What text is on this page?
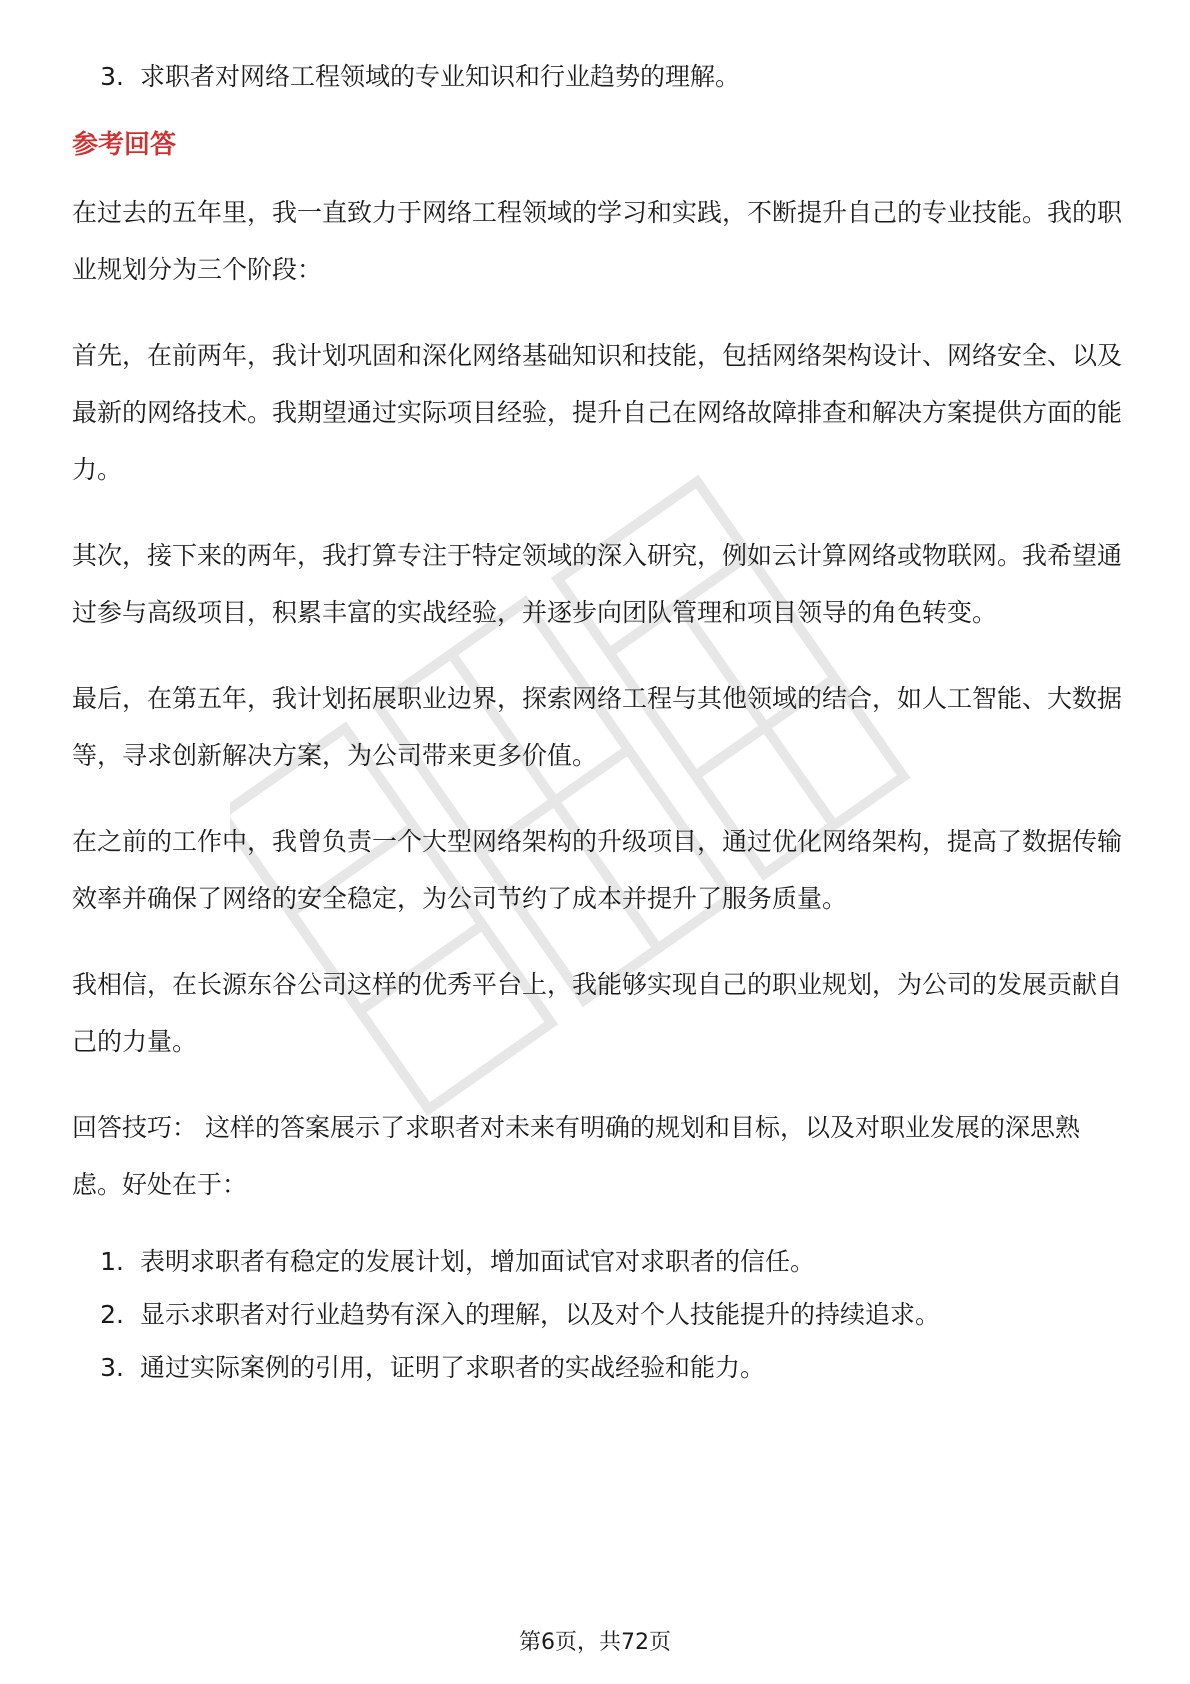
3. 求职者对网络工程领域的专业知识和行业趋势的理解。
参考回答

在过去的五年里，我一直致力于网络工程领域的学习和实践，不断提升自己的专业技能。我的职业规划分为三个阶段：

首先，在前两年，我计划巩固和深化网络基础知识和技能，包括网络架构设计、网络安全、以及最新的网络技术。我期望通过实际项目经验，提升自己在网络故障排查和解决方案提供方面的能力。

其次，接下来的两年，我打算专注于特定领域的深入研究，例如云计算网络或物联网。我希望通过参与高级项目，积累丰富的实战经验，并逐步向团队管理和项目领导的角色转变。

最后，在第五年，我计划拓展职业边界，探索网络工程与其他领域的结合，如人工智能、大数据等，寻求创新解决方案，为公司带来更多价值。

在之前的工作中，我曾负责一个大型网络架构的升级项目，通过优化网络架构，提高了数据传输效率并确保了网络的安全稳定，为公司节约了成本并提升了服务质量。

我相信，在长源东谷公司这样的优秀平台上，我能够实现自己的职业规划，为公司的发展贡献自己的力量。

回答技巧： 这样的答案展示了求职者对未来有明确的规划和目标，以及对职业发展的深思熟虑。好处在于：

1. 表明求职者有稳定的发展计划，增加面试官对求职者的信任。
2. 显示求职者对行业趋势有深入的理解，以及对个人技能提升的持续追求。
3. 通过实际案例的引用，证明了求职者的实战经验和能力。
第6页，共72页
